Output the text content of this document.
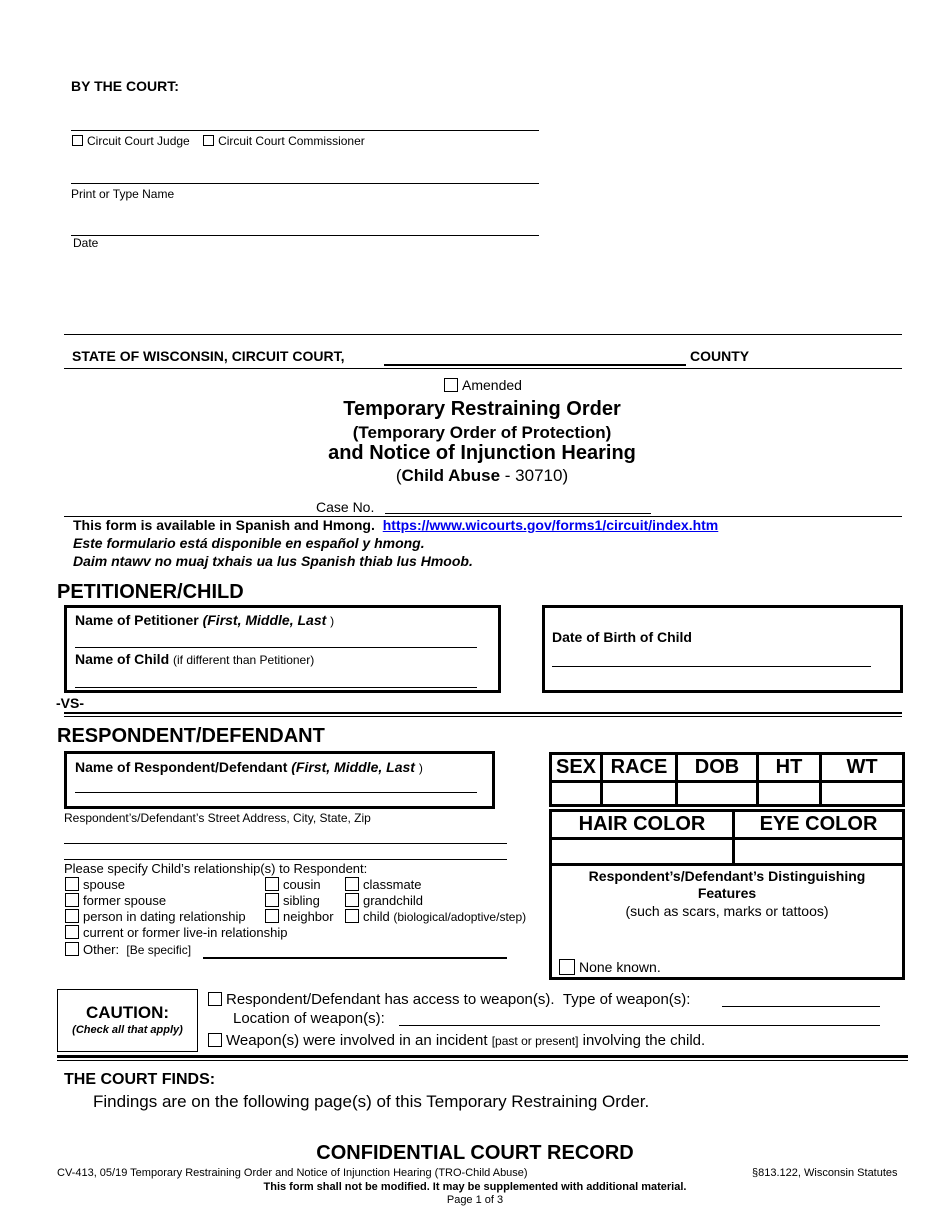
BY THE COURT:
Circuit Court Judge Circuit Court Commissioner
Print or Type Name
Date
STATE OF WISCONSIN, CIRCUIT COURT,	COUNTY
Amended
Temporary Restraining Order
(Temporary Order of Protection)
and Notice of Injunction Hearing
(Child Abuse - 30710)
Case No.
This form is available in Spanish and Hmong. https://www.wicourts.gov/forms1/circuit/index.htm
Este formulario está disponible en español y hmong.
Daim ntawv no muaj txhais ua lus Spanish thiab lus Hmoob.
PETITIONER/CHILD
Name of Petitioner (First, Middle, Last )
Name of Child (if different than Petitioner)
Date of Birth of Child
-VS-
RESPONDENT/DEFENDANT
Name of Respondent/Defendant (First, Middle, Last )
Respondent’s/Defendant’s Street Address, City, State, Zip
Please specify Child’s relationship(s) to Respondent:
spouse	cousin	classmate
former spouse	sibling	grandchild
person in dating relationship	neighbor	child (biological/adoptive/step)
current or former live-in relationship
Other: [Be specific]
SEX	RACE	DOB	HT	WT

HAIR COLOR	EYE COLOR

Respondent’s/Defendant’s Distinguishing Features
(such as scars, marks or tattoos)
None known.
CAUTION:
(Check all that apply)
Respondent/Defendant has access to weapon(s). Type of weapon(s):
Location of weapon(s):
Weapon(s) were involved in an incident [past or present] involving the child.
THE COURT FINDS:
Findings are on the following page(s) of this Temporary Restraining Order.
CONFIDENTIAL COURT RECORD
CV-413, 05/19 Temporary Restraining Order and Notice of Injunction Hearing (TRO-Child Abuse)	§813.122, Wisconsin Statutes
This form shall not be modified. It may be supplemented with additional material.
Page 1 of 3
